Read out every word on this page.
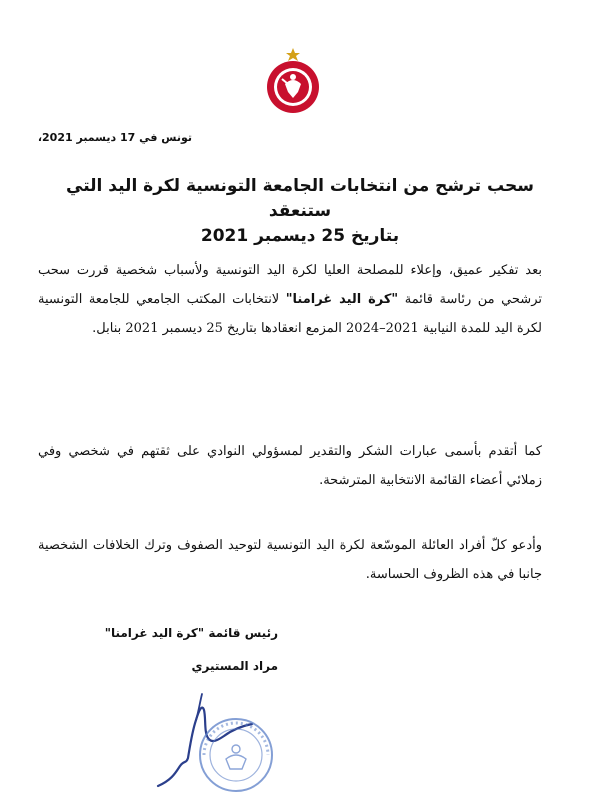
تونس في 17 ديسمبر 2021،
سحب ترشح من انتخابات الجامعة التونسية لكرة اليد التي ستنعقد
بتاريخ 25 ديسمبر 2021
بعد تفكير عميق، وإعلاء للمصلحة العليا لكرة اليد التونسية ولأسباب شخصية قررت سحب ترشحي من رئاسة قائمة "كرة اليد غرامنا" لانتخابات المكتب الجامعي للجامعة التونسية لكرة اليد للمدة النيابية 2021–2024 المزمع انعقادها بتاريخ 25 ديسمبر 2021 بنابل.
كما أتقدم بأسمى عبارات الشكر والتقدير لمسؤولي النوادي على ثقتهم في شخصي وفي زملائي أعضاء القائمة الانتخابية المترشحة.
وأدعو كلّ أفراد العائلة الموسّعة لكرة اليد التونسية لتوحيد الصفوف وترك الخلافات الشخصية جانبا في هذه الظروف الحساسة.
رئيس قائمة "كرة اليد غرامنا"
مراد المستيري
